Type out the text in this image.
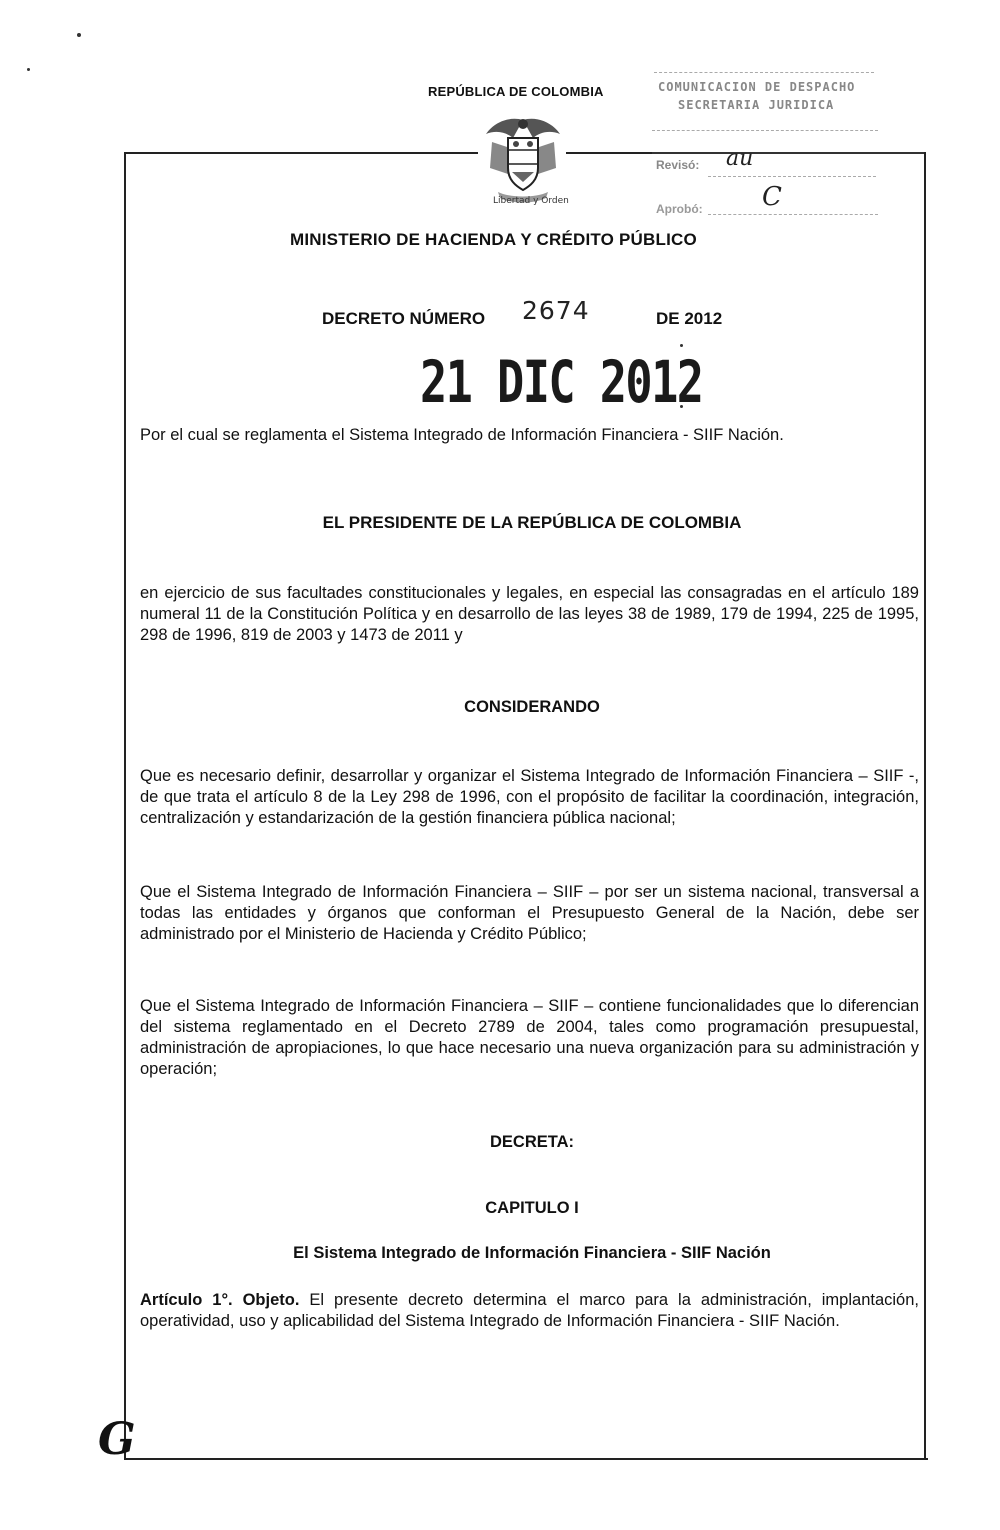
REPÚBLICA DE COLOMBIA
Libertad y Orden
COMUNICACION DE DESPACHO
SECRETARIA JURIDICA
Revisó: au
Aprobó: C
MINISTERIO DE HACIENDA Y CRÉDITO PÚBLICO
DECRETO NÚMERO 2674	DE 2012
21 DIC 2012
Por el cual se reglamenta el Sistema Integrado de Información Financiera - SIIF Nación.
EL PRESIDENTE DE LA REPÚBLICA DE COLOMBIA
en ejercicio de sus facultades constitucionales y legales, en especial las consagradas en el artículo 189 numeral 11 de la Constitución Política y en desarrollo de las leyes 38 de 1989, 179 de 1994, 225 de 1995, 298 de 1996, 819 de 2003 y 1473 de 2011 y
CONSIDERANDO
Que es necesario definir, desarrollar y organizar el Sistema Integrado de Información Financiera – SIIF -, de que trata el artículo 8 de la Ley 298 de 1996, con el propósito de facilitar la coordinación, integración, centralización y estandarización de la gestión financiera pública nacional;
Que el Sistema Integrado de Información Financiera – SIIF – por ser un sistema nacional, transversal a todas las entidades y órganos que conforman el Presupuesto General de la Nación, debe ser administrado por el Ministerio de Hacienda y Crédito Público;
Que el Sistema Integrado de Información Financiera – SIIF – contiene funcionalidades que lo diferencian del sistema reglamentado en el Decreto 2789 de 2004, tales como programación presupuestal, administración de apropiaciones, lo que hace necesario una nueva organización para su administración y operación;
DECRETA:
CAPITULO I
El Sistema Integrado de Información Financiera - SIIF Nación
Artículo 1°. Objeto. El presente decreto determina el marco para la administración, implantación, operatividad, uso y aplicabilidad del Sistema Integrado de Información Financiera - SIIF Nación.
G
